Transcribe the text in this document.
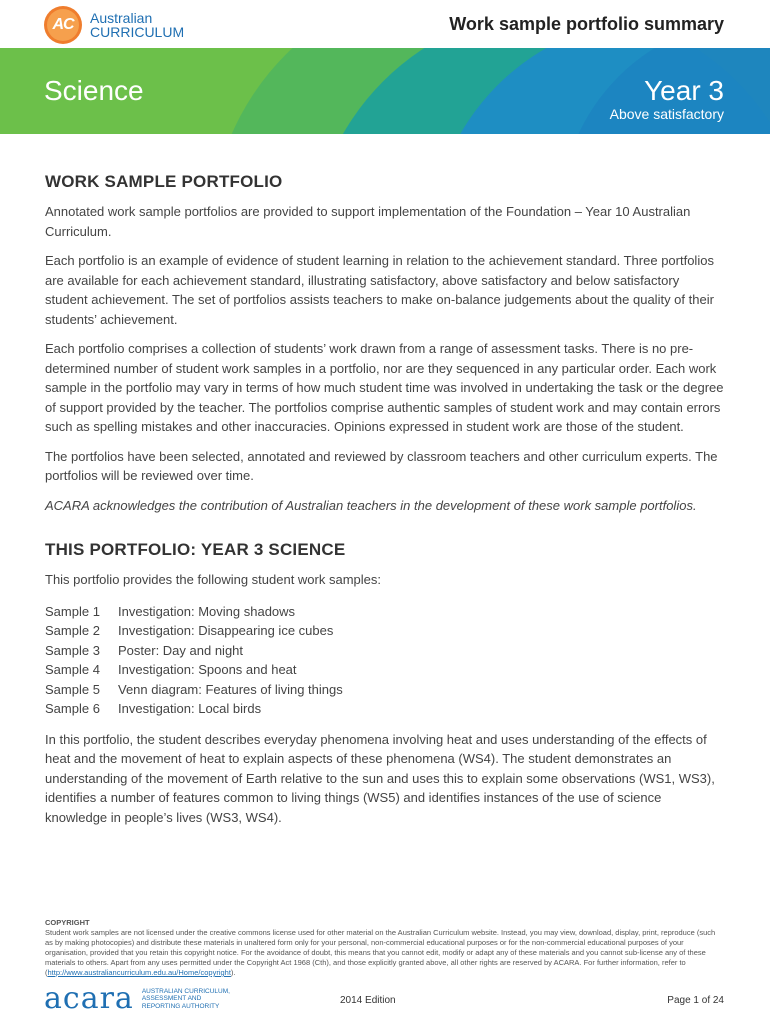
AC	Australian
CURRICULUM	Work sample portfolio summary
Science	Year 3
Above satisfactory
WORK SAMPLE PORTFOLIO

Annotated work sample portfolios are provided to support implementation of the Foundation – Year 10 Australian Curriculum.

Each portfolio is an example of evidence of student learning in relation to the achievement standard. Three portfolios are available for each achievement standard, illustrating satisfactory, above satisfactory and below satisfactory student achievement. The set of portfolios assists teachers to make on-balance judgements about the quality of their students’ achievement.

Each portfolio comprises a collection of students’ work drawn from a range of assessment tasks. There is no pre-determined number of student work samples in a portfolio, nor are they sequenced in any particular order. Each work sample in the portfolio may vary in terms of how much student time was involved in undertaking the task or the degree of support provided by the teacher. The portfolios comprise authentic samples of student work and may contain errors such as spelling mistakes and other inaccuracies. Opinions expressed in student work are those of the student.

The portfolios have been selected, annotated and reviewed by classroom teachers and other curriculum experts. The portfolios will be reviewed over time.

ACARA acknowledges the contribution of Australian teachers in the development of these work sample portfolios.

THIS PORTFOLIO: YEAR 3 SCIENCE

This portfolio provides the following student work samples:

Sample 1	Investigation: Moving shadows
Sample 2	Investigation: Disappearing ice cubes
Sample 3	Poster: Day and night
Sample 4	Investigation: Spoons and heat
Sample 5	Venn diagram: Features of living things
Sample 6	Investigation: Local birds

In this portfolio, the student describes everyday phenomena involving heat and uses understanding of the effects of heat and the movement of heat to explain aspects of these phenomena (WS4). The student demonstrates an understanding of the movement of Earth relative to the sun and uses this to explain some observations (WS1, WS3), identifies a number of features common to living things (WS5) and identifies instances of the use of science knowledge in people’s lives (WS3, WS4).

COPYRIGHT
Student work samples are not licensed under the creative commons license used for other material on the Australian Curriculum website. Instead, you may view, download, display, print, reproduce (such as by making photocopies) and distribute these materials in unaltered form only for your personal, non-commercial educational purposes or for the non-commercial educational purposes of your organisation, provided that you retain this copyright notice. For the avoidance of doubt, this means that you cannot edit, modify or adapt any of these materials and you cannot sub-license any of these materials to others. Apart from any uses permitted under the Copyright Act 1968 (Cth), and those explicitly granted above, all other rights are reserved by ACARA. For further information, refer to (http://www.australiancurriculum.edu.au/Home/copyright).
acara AUSTRALIAN CURRICULUM,
ASSESSMENT AND
REPORTING AUTHORITY
2014 Edition	Page 1 of 24
